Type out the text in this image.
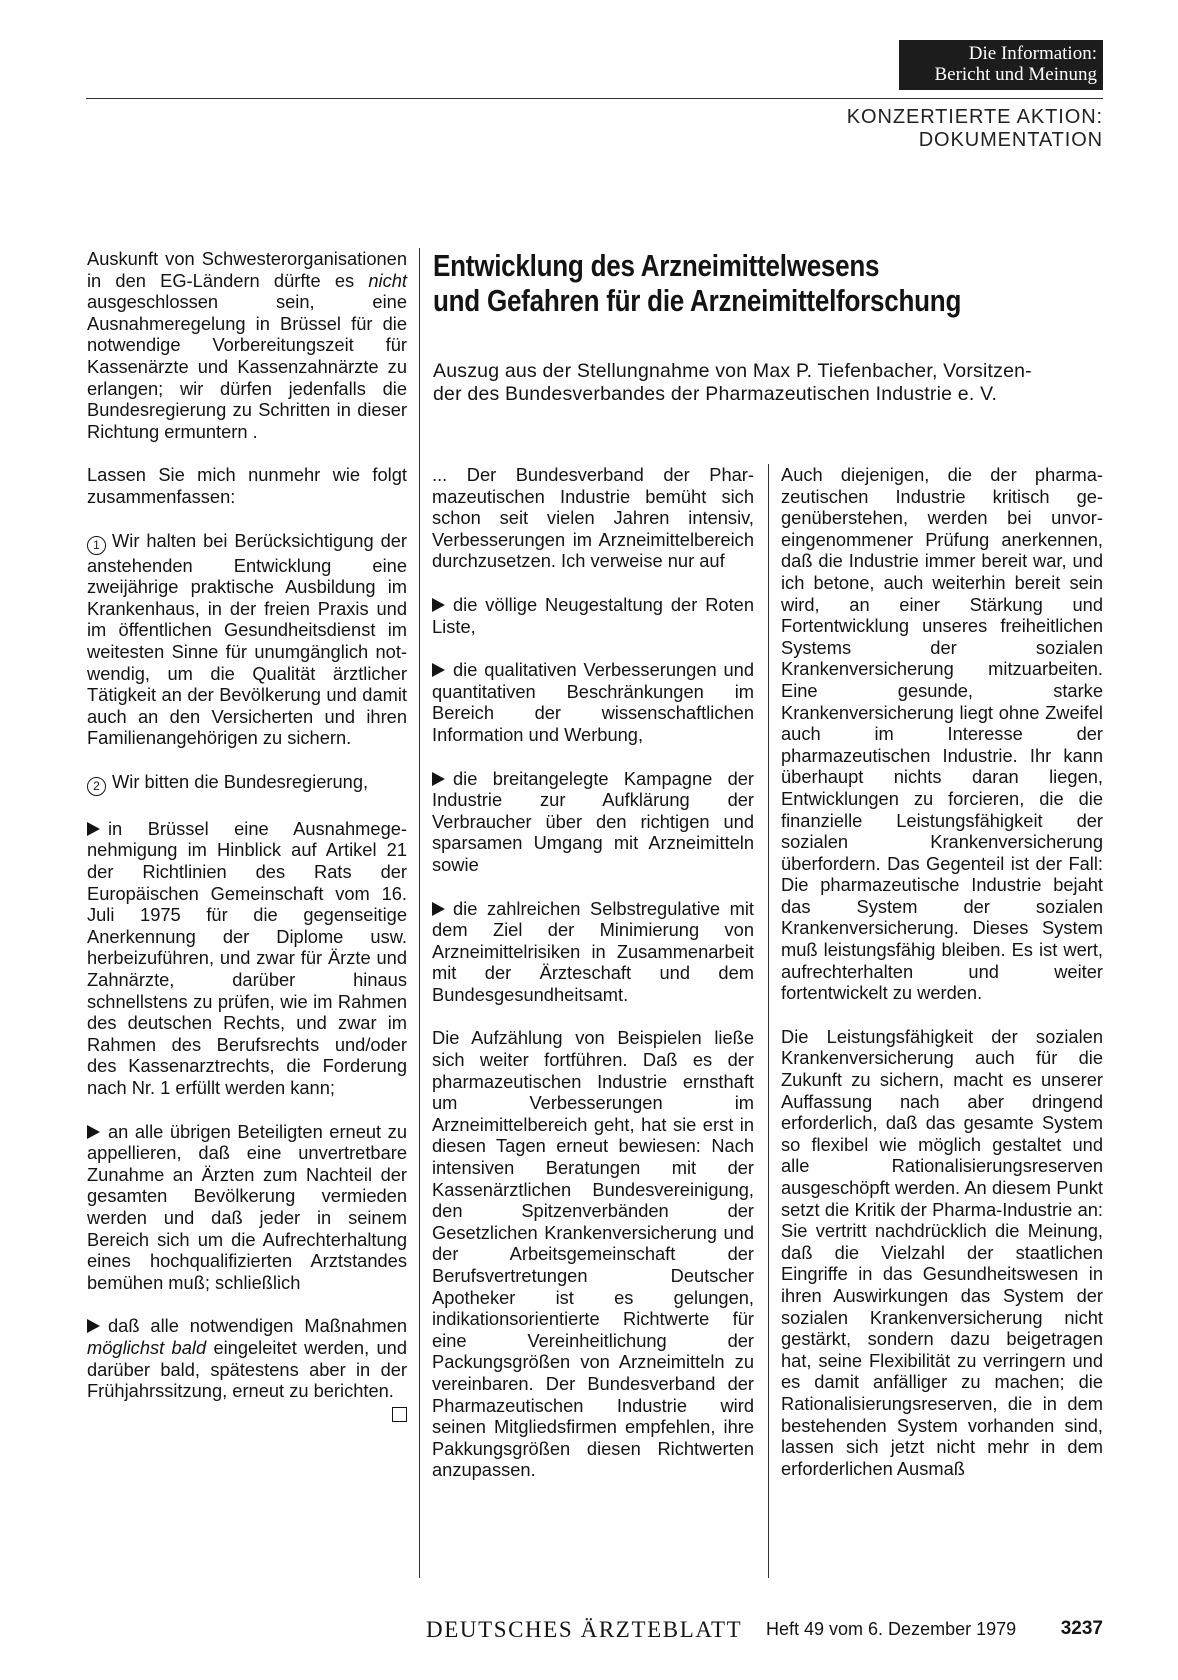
Die Information:
Bericht und Meinung
KONZERTIERTE AKTION: DOKUMENTATION

Auskunft von Schwesterorganisationen in den EG-Ländern dürfte es nicht ausgeschlossen sein, eine Ausnahmeregelung in Brüssel für die notwendige Vorbereitungszeit für Kassenärzte und Kassenzahnärzte zu erlangen; wir dürfen jedenfalls die Bundesregierung zu Schritten in dieser Richtung ermuntern .

Lassen Sie mich nunmehr wie folgt zusammenfassen:

1 Wir halten bei Berücksichtigung der anstehenden Entwicklung eine zweijährige praktische Ausbildung im Krankenhaus, in der freien Praxis und im öffentlichen Gesundheitsdienst im weitesten Sinne für unumgänglich notwendig, um die Qualität ärztlicher Tätigkeit an der Bevölkerung und damit auch an den Versicherten und ihren Familienangehörigen zu sichern.

2 Wir bitten die Bundesregierung,

in Brüssel eine Ausnahmegenehmigung im Hinblick auf Artikel 21 der Richtlinien des Rats der Europäischen Gemeinschaft vom 16. Juli 1975 für die gegenseitige Anerkennung der Diplome usw. herbeizuführen, und zwar für Ärzte und Zahnärzte, darüber hinaus schnellstens zu prüfen, wie im Rahmen des deutschen Rechts, und zwar im Rahmen des Berufsrechts und/oder des Kassenarztrechts, die Forderung nach Nr. 1 erfüllt werden kann;

an alle übrigen Beteiligten erneut zu appellieren, daß eine unvertretbare Zunahme an Ärzten zum Nachteil der gesamten Bevölkerung vermieden werden und daß jeder in seinem Bereich sich um die Aufrechterhaltung eines hochqualifizierten Arztstandes bemühen muß; schließlich

daß alle notwendigen Maßnahmen möglichst bald eingeleitet werden, und darüber bald, spätestens aber in der Frühjahrssitzung, erneut zu berichten.

Entwicklung des Arzneimittelwesens
und Gefahren für die Arzneimittelforschung
Auszug aus der Stellungnahme von Max P. Tiefenbacher, Vorsitzen-
der des Bundesverbandes der Pharmazeutischen Industrie e. V.

... Der Bundesverband der Pharmazeutischen Industrie bemüht sich schon seit vielen Jahren intensiv, Verbesserungen im Arzneimittelbereich durchzusetzen. Ich verweise nur auf

die völlige Neugestaltung der Roten Liste,

die qualitativen Verbesserungen und quantitativen Beschränkungen im Bereich der wissenschaftlichen Information und Werbung,

die breitangelegte Kampagne der Industrie zur Aufklärung der Verbraucher über den richtigen und sparsamen Umgang mit Arzneimitteln sowie

die zahlreichen Selbstregulative mit dem Ziel der Minimierung von Arzneimittelrisiken in Zusammenarbeit mit der Ärzteschaft und dem Bundesgesundheitsamt.

Die Aufzählung von Beispielen ließe sich weiter fortführen. Daß es der pharmazeutischen Industrie ernsthaft um Verbesserungen im Arzneimittelbereich geht, hat sie erst in diesen Tagen erneut bewiesen: Nach intensiven Beratungen mit der Kassenärztlichen Bundesvereinigung, den Spitzenverbänden der Gesetzlichen Krankenversicherung und der Arbeitsgemeinschaft der Berufsvertretungen Deutscher Apotheker ist es gelungen, indikationsorientierte Richtwerte für eine Vereinheitlichung der Packungsgrößen von Arzneimitteln zu vereinbaren. Der Bundesverband der Pharmazeutischen Industrie wird seinen Mitgliedsfirmen empfehlen, ihre Pakkungsgrößen diesen Richtwerten anzupassen.

Auch diejenigen, die der pharmazeutischen Industrie kritisch gegenüberstehen, werden bei unvoreingenommener Prüfung anerkennen, daß die Industrie immer bereit war, und ich betone, auch weiterhin bereit sein wird, an einer Stärkung und Fortentwicklung unseres freiheitlichen Systems der sozialen Krankenversicherung mitzuarbeiten. Eine gesunde, starke Krankenversicherung liegt ohne Zweifel auch im Interesse der pharmazeutischen Industrie. Ihr kann überhaupt nichts daran liegen, Entwicklungen zu forcieren, die die finanzielle Leistungsfähigkeit der sozialen Krankenversicherung überfordern. Das Gegenteil ist der Fall: Die pharmazeutische Industrie bejaht das System der sozialen Krankenversicherung. Dieses System muß leistungsfähig bleiben. Es ist wert, aufrechterhalten und weiter fortentwickelt zu werden.

Die Leistungsfähigkeit der sozialen Krankenversicherung auch für die Zukunft zu sichern, macht es unserer Auffassung nach aber dringend erforderlich, daß das gesamte System so flexibel wie möglich gestaltet und alle Rationalisierungsreserven ausgeschöpft werden. An diesem Punkt setzt die Kritik der Pharma-Industrie an: Sie vertritt nachdrücklich die Meinung, daß die Vielzahl der staatlichen Eingriffe in das Gesundheitswesen in ihren Auswirkungen das System der sozialen Krankenversicherung nicht gestärkt, sondern dazu beigetragen hat, seine Flexibilität zu verringern und es damit anfälliger zu machen; die Rationalisierungsreserven, die in dem bestehenden System vorhanden sind, lassen sich jetzt nicht mehr in dem erforderlichen Ausmaß

DEUTSCHES ÄRZTEBLATT Heft 49 vom 6. Dezember 1979 3237
